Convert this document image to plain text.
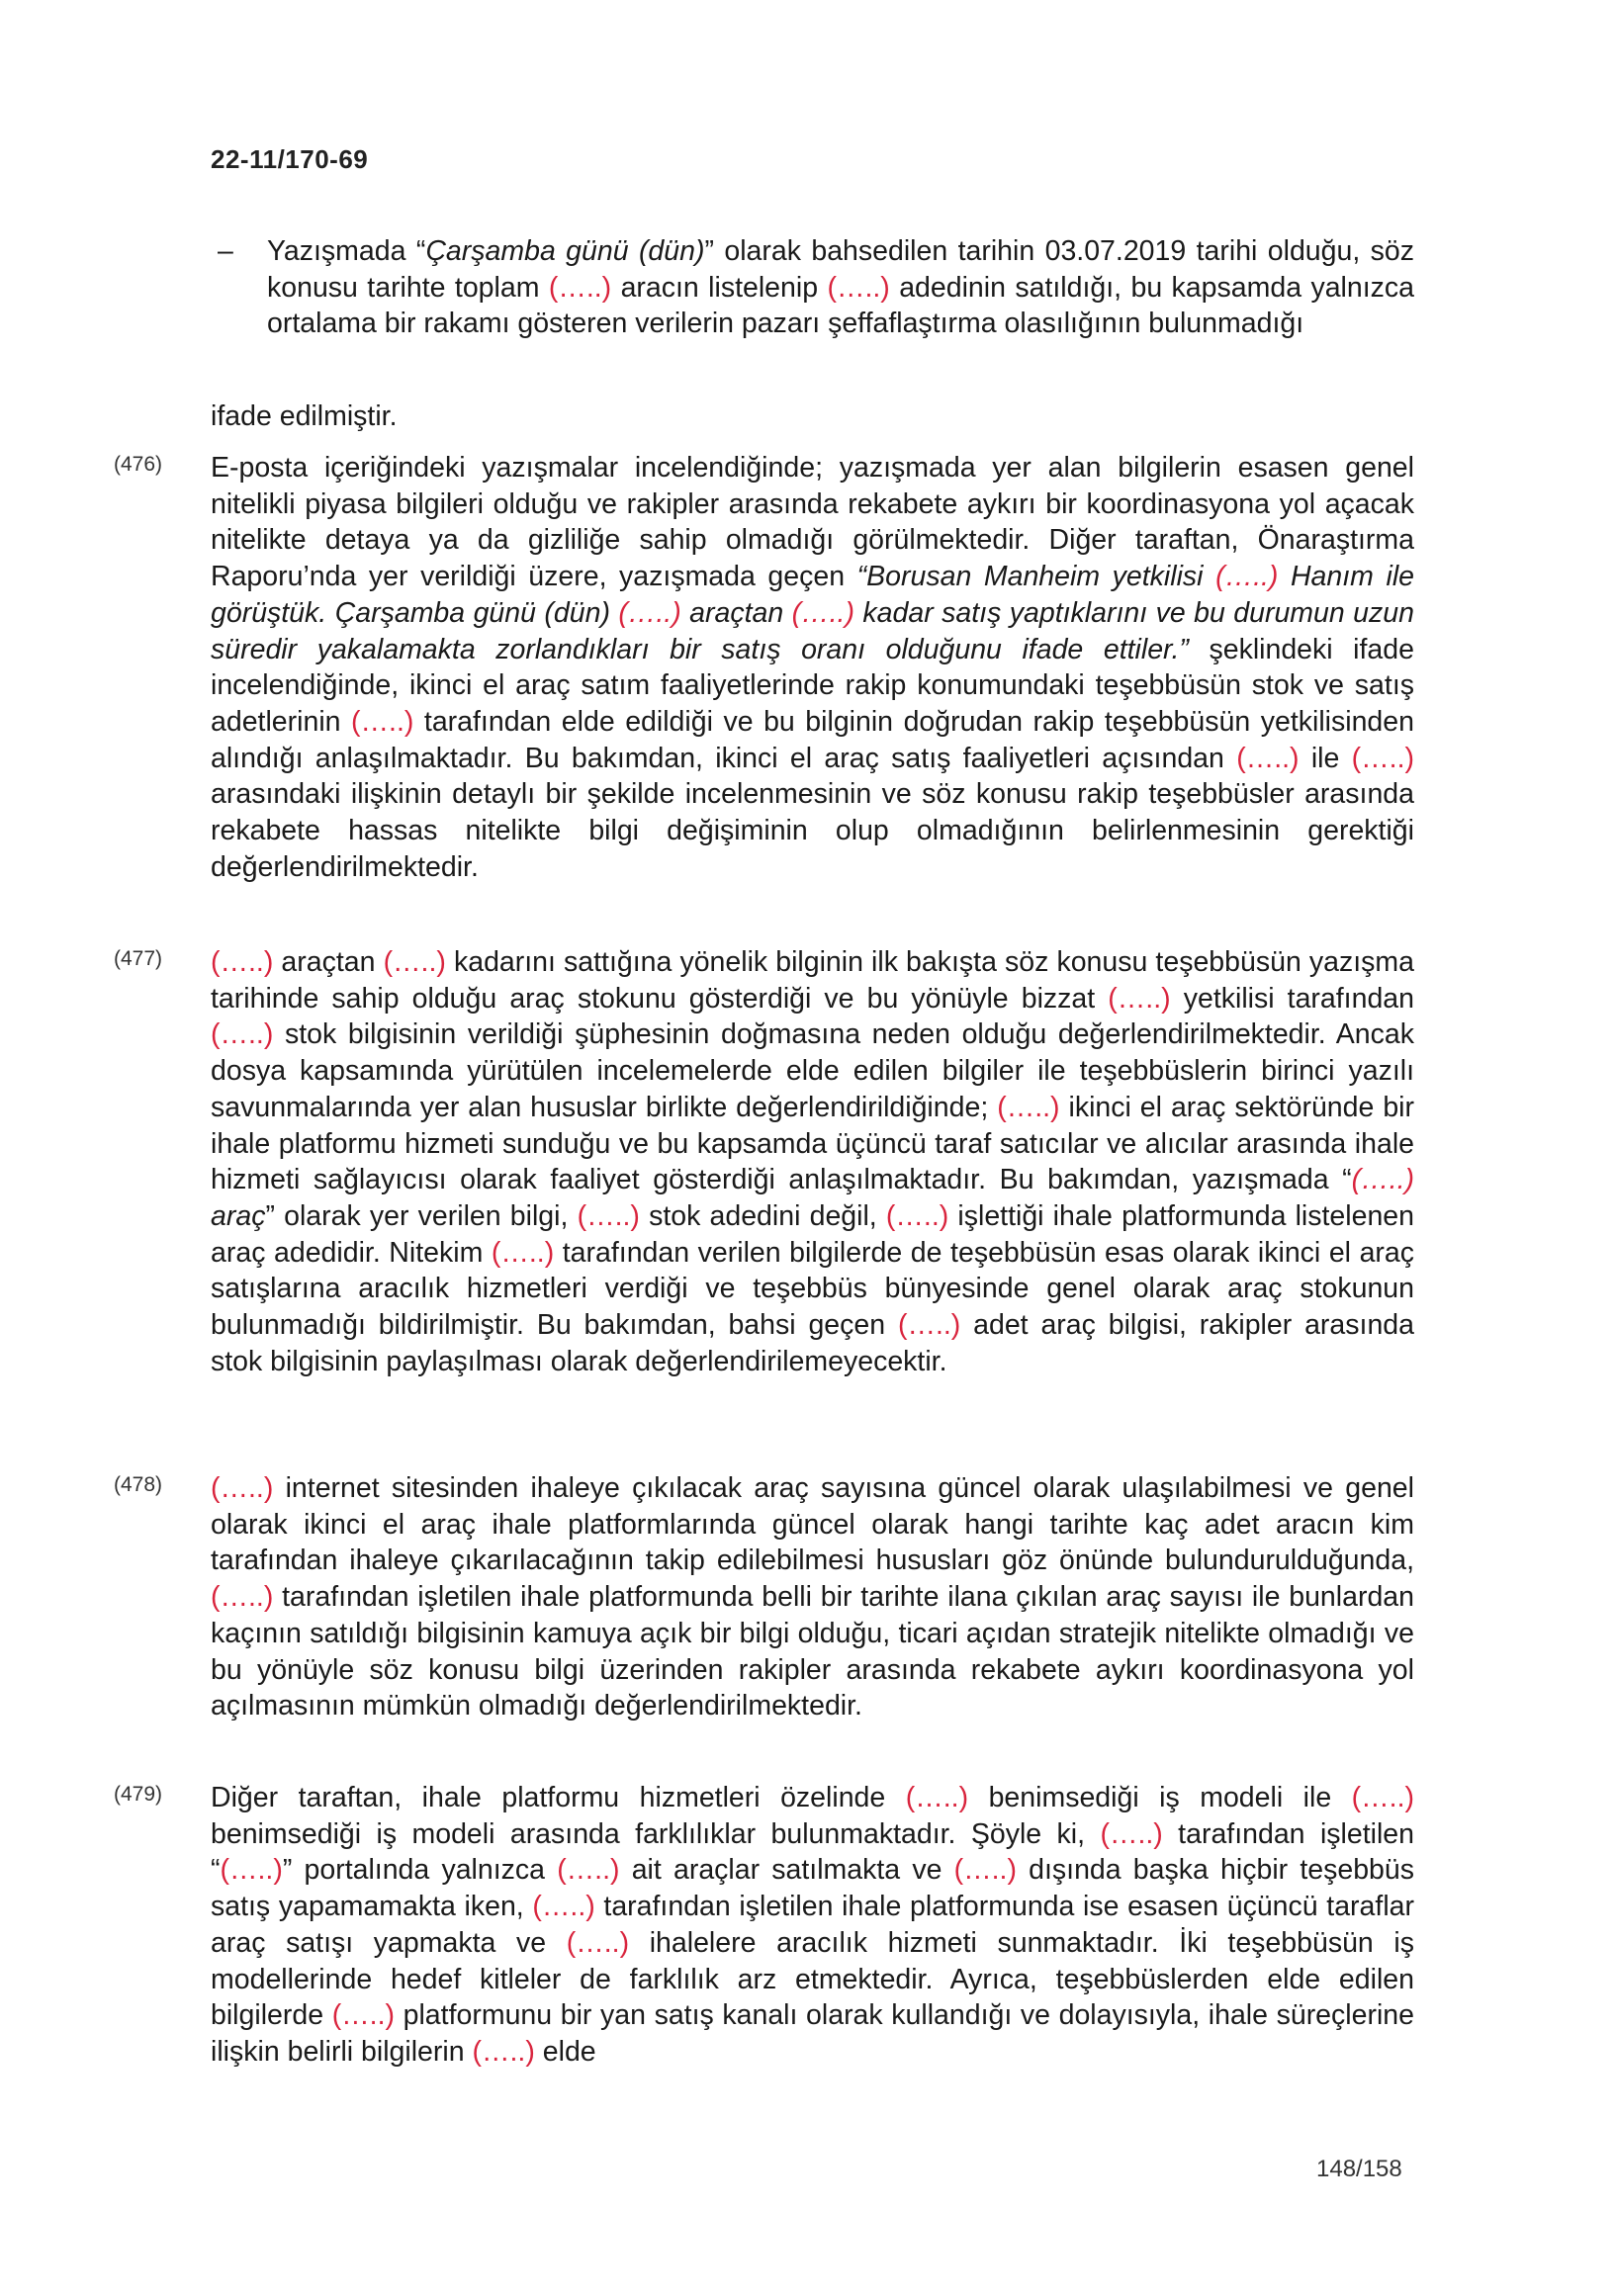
22-11/170-69
– Yazışmada “Çarşamba günü (dün)” olarak bahsedilen tarihin 03.07.2019 tarihi olduğu, söz konusu tarihte toplam (…..) aracın listelenip (…..) adedinin satıldığı, bu kapsamda yalnızca ortalama bir rakamı gösteren verilerin pazarı şeffaflaştırma olasılığının bulunmadığı
ifade edilmiştir.
(476) E-posta içeriğindeki yazışmalar incelendiğinde; yazışmada yer alan bilgilerin esasen genel nitelikli piyasa bilgileri olduğu ve rakipler arasında rekabete aykırı bir koordinasyona yol açacak nitelikte detaya ya da gizliliğe sahip olmadığı görülmektedir. Diğer taraftan, Önaraştırma Raporu’nda yer verildiği üzere, yazışmada geçen “Borusan Manheim yetkilisi (…..) Hanım ile görüştük. Çarşamba günü (dün) (…..) araçtan (…..) kadar satış yaptıklarını ve bu durumun uzun süredir yakalamakta zorlandıkları bir satış oranı olduğunu ifade ettiler.” şeklindeki ifade incelendiğinde, ikinci el araç satım faaliyetlerinde rakip konumundaki teşebbüsün stok ve satış adetlerinin (…..) tarafından elde edildiği ve bu bilginin doğrudan rakip teşebbüsün yetkilisinden alındığı anlaşılmaktadır. Bu bakımdan, ikinci el araç satış faaliyetleri açısından (…..) ile (…..) arasındaki ilişkinin detaylı bir şekilde incelenmesinin ve söz konusu rakip teşebbüsler arasında rekabete hassas nitelikte bilgi değişiminin olup olmadığının belirlenmesinin gerektiği değerlendirilmektedir.
(477) (…..) araçtan (…..) kadarını sattığına yönelik bilginin ilk bakışta söz konusu teşebbüsün yazışma tarihinde sahip olduğu araç stokunu gösterdiği ve bu yönüyle bizzat (…..) yetkilisi tarafından (…..) stok bilgisinin verildiği şüphesinin doğmasına neden olduğu değerlendirilmektedir. Ancak dosya kapsamında yürütülen incelemelerde elde edilen bilgiler ile teşebbüslerin birinci yazılı savunmalarında yer alan hususlar birlikte değerlendirildiğinde; (…..) ikinci el araç sektöründe bir ihale platformu hizmeti sunduğu ve bu kapsamda üçüncü taraf satıcılar ve alıcılar arasında ihale hizmeti sağlayıcısı olarak faaliyet gösterdiği anlaşılmaktadır. Bu bakımdan, yazışmada “(…..) araç” olarak yer verilen bilgi, (…..) stok adedini değil, (…..) işlettiği ihale platformunda listelenen araç adedidir. Nitekim (…..) tarafından verilen bilgilerde de teşebbüsün esas olarak ikinci el araç satışlarına aracılık hizmetleri verdiği ve teşebbüs bünyesinde genel olarak araç stokunun bulunmadığı bildirilmiştir. Bu bakımdan, bahsi geçen (…..) adet araç bilgisi, rakipler arasında stok bilgisinin paylaşılması olarak değerlendirilemeyecektir.
(478) (…..) internet sitesinden ihaleye çıkılacak araç sayısına güncel olarak ulaşılabilmesi ve genel olarak ikinci el araç ihale platformlarında güncel olarak hangi tarihte kaç adet aracın kim tarafından ihaleye çıkarılacağının takip edilebilmesi hususları göz önünde bulundurulduğunda, (…..) tarafından işletilen ihale platformunda belli bir tarihte ilana çıkılan araç sayısı ile bunlardan kaçının satıldığı bilgisinin kamuya açık bir bilgi olduğu, ticari açıdan stratejik nitelikte olmadığı ve bu yönüyle söz konusu bilgi üzerinden rakipler arasında rekabete aykırı koordinasyona yol açılmasının mümkün olmadığı değerlendirilmektedir.
(479) Diğer taraftan, ihale platformu hizmetleri özelinde (…..) benimsediği iş modeli ile (…..) benimsediği iş modeli arasında farklılıklar bulunmaktadır. Şöyle ki, (…..) tarafından işletilen “(…..)” portalında yalnızca (…..) ait araçlar satılmakta ve (…..) dışında başka hiçbir teşebbüs satış yapamamakta iken, (…..) tarafından işletilen ihale platformunda ise esasen üçüncü taraflar araç satışı yapmakta ve (…..) ihalelere aracılık hizmeti sunmaktadır. İki teşebbüsün iş modellerinde hedef kitleler de farklılık arz etmektedir. Ayrıca, teşebbüslerden elde edilen bilgilerde (…..) platformunu bir yan satış kanalı olarak kullandığı ve dolayısıyla, ihale süreçlerine ilişkin belirli bilgilerin (…..) elde
148/158
